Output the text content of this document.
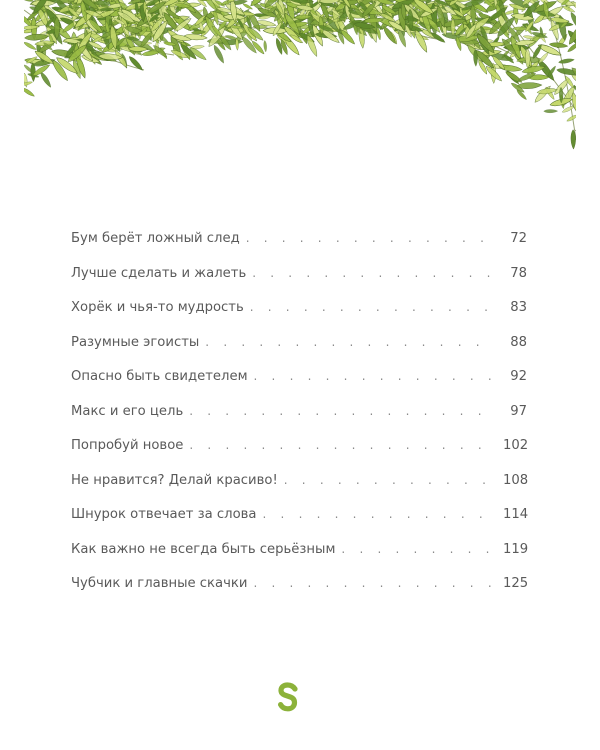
Бум берёт ложный след . . .	72
Лучше сделать и жалеть . . .	78
Хорёк и чья-то мудрость . . .	83
Разумные эгоисты . . .	88
Опасно быть свидетелем . . .	92
Макс и его цель . . .	97
Попробуй новое . . .	102
Не нравится? Делай красиво! . . .	108
Шнурок отвечает за слова . . .	114
Как важно не всегда быть серьёзным . . .	119
Чубчик и главные скачки . . .	125
